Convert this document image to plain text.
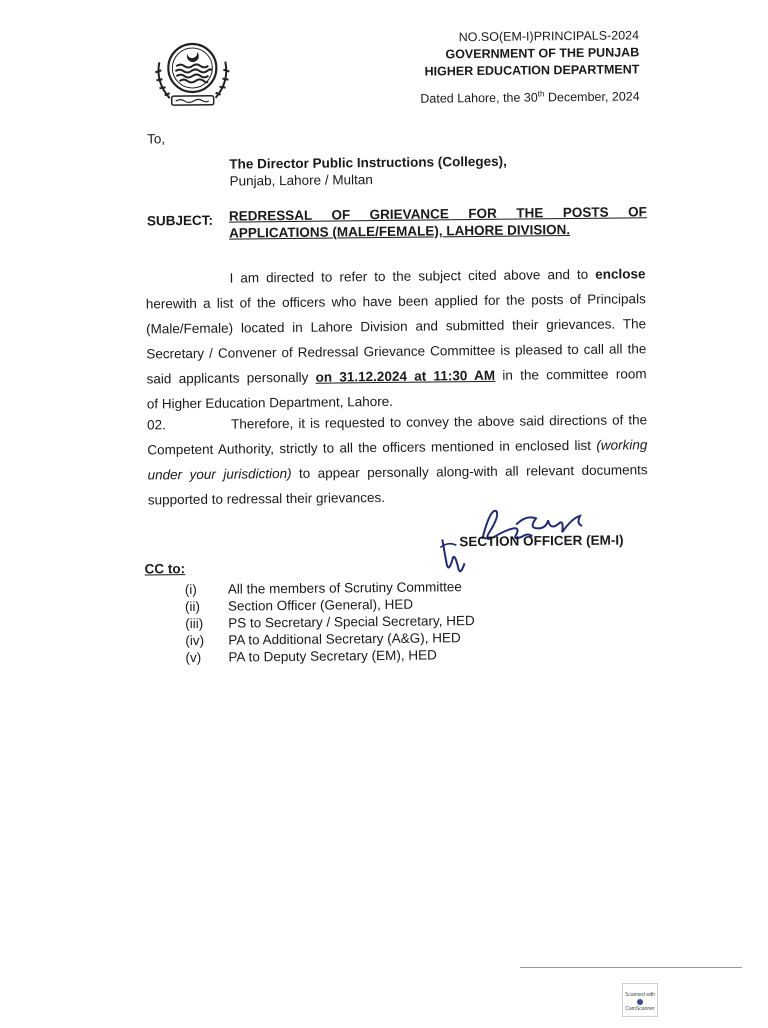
NO.SO(EM-I)PRINCIPALS-2024
GOVERNMENT OF THE PUNJAB
HIGHER EDUCATION DEPARTMENT
Dated Lahore, the 30th December, 2024
To,
The Director Public Instructions (Colleges),
Punjab, Lahore / Multan
SUBJECT: REDRESSAL OF GRIEVANCE FOR THE POSTS OF
APPLICATIONS (MALE/FEMALE), LAHORE DIVISION.
I am directed to refer to the subject cited above and to enclose
herewith a list of the officers who have been applied for the posts of Principals
(Male/Female) located in Lahore Division and submitted their grievances. The
Secretary / Convener of Redressal Grievance Committee is pleased to call all the
said applicants personally on 31.12.2024 at 11:30 AM in the committee room
of Higher Education Department, Lahore.
02.	Therefore, it is requested to convey the above said directions of the
Competent Authority, strictly to all the officers mentioned in enclosed list (working
under your jurisdiction) to appear personally along-with all relevant documents
supported to redressal their grievances.
SECTION OFFICER (EM-I)
CC to:
(i)	All the members of Scrutiny Committee
(ii)	Section Officer (General), HED
(iii)	PS to Secretary / Special Secretary, HED
(iv)	PA to Additional Secretary (A&G), HED
(v)	PA to Deputy Secretary (EM), HED
Scanned with
CamScanner
